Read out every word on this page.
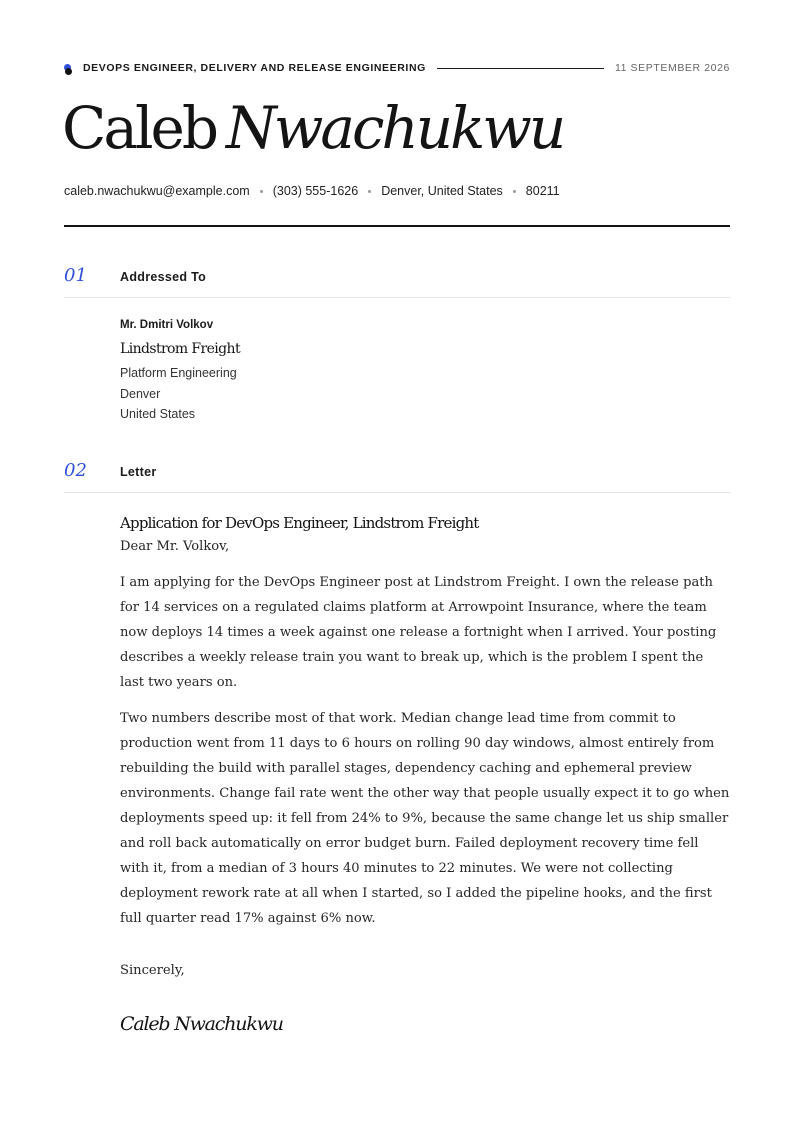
DEVOPS ENGINEER, DELIVERY AND RELEASE ENGINEERING	11 SEPTEMBER 2026
Caleb Nwachukwu
caleb.nwachukwu@example.com (303) 555-1626 Denver, United States 80211
01	Addressed To
Mr. Dmitri Volkov
Lindstrom Freight
Platform Engineering
Denver
United States
02	Letter
Application for DevOps Engineer, Lindstrom Freight
Dear Mr. Volkov,
I am applying for the DevOps Engineer post at Lindstrom Freight. I own the release path for 14 services on a regulated claims platform at Arrowpoint Insurance, where the team now deploys 14 times a week against one release a fortnight when I arrived. Your posting describes a weekly release train you want to break up, which is the problem I spent the last two years on.
Two numbers describe most of that work. Median change lead time from commit to production went from 11 days to 6 hours on rolling 90 day windows, almost entirely from rebuilding the build with parallel stages, dependency caching and ephemeral preview environments. Change fail rate went the other way that people usually expect it to go when deployments speed up: it fell from 24% to 9%, because the same change let us ship smaller and roll back automatically on error budget burn. Failed deployment recovery time fell with it, from a median of 3 hours 40 minutes to 22 minutes. We were not collecting deployment rework rate at all when I started, so I added the pipeline hooks, and the first full quarter read 17% against 6% now.
Sincerely,
Caleb Nwachukwu
